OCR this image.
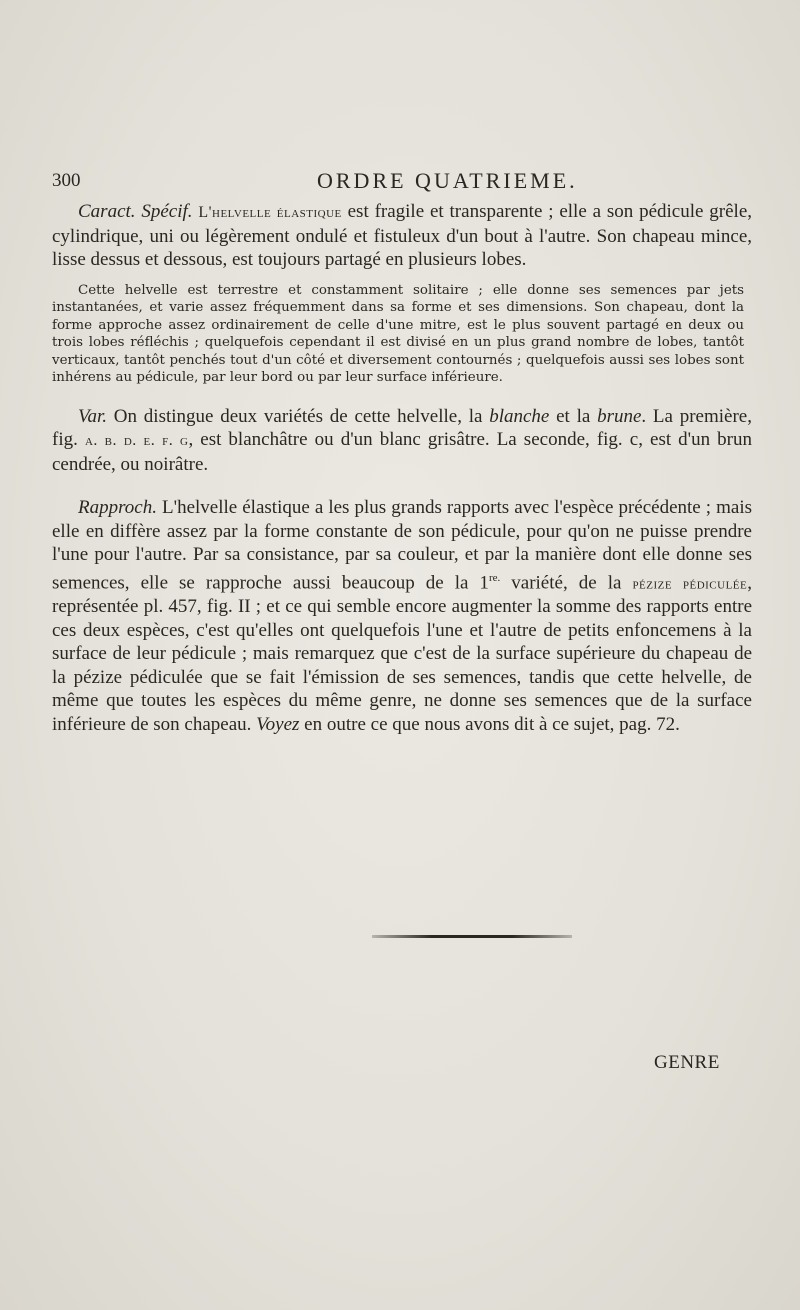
300	ORDRE QUATRIEME.

Caract. Spécif. L'helvelle élastique est fragile et transparente ; elle a son pédicule grêle, cylindrique, uni ou légèrement ondulé et fistuleux d'un bout à l'autre. Son chapeau mince, lisse dessus et dessous, est toujours partagé en plusieurs lobes.

Cette helvelle est terrestre et constamment solitaire ; elle donne ses semences par jets instantanées, et varie assez fréquemment dans sa forme et ses dimensions. Son chapeau, dont la forme approche assez ordinairement de celle d'une mitre, est le plus souvent partagé en deux ou trois lobes réfléchis ; quelquefois cependant il est divisé en un plus grand nombre de lobes, tantôt verticaux, tantôt penchés tout d'un côté et diversement contournés ; quelquefois aussi ses lobes sont inhérens au pédicule, par leur bord ou par leur surface inférieure.

Var. On distingue deux variétés de cette helvelle, la blanche et la brune. La première, fig. a. b. d. e. f. g, est blanchâtre ou d'un blanc grisâtre. La seconde, fig. c, est d'un brun cendrée, ou noirâtre.

Rapproch. L'helvelle élastique a les plus grands rapports avec l'espèce précédente ; mais elle en diffère assez par la forme constante de son pédicule, pour qu'on ne puisse prendre l'une pour l'autre. Par sa consistance, par sa couleur, et par la manière dont elle donne ses semences, elle se rapproche aussi beaucoup de la $1^{re.}$ variété, de la pézize pédiculée, représentée pl. 457, fig. II ; et ce qui semble encore augmenter la somme des rapports entre ces deux espèces, c'est qu'elles ont quelquefois l'une et l'autre de petits enfoncemens à la surface de leur pédicule ; mais remarquez que c'est de la surface supérieure du chapeau de la pézize pédiculée que se fait l'émission de ses semences, tandis que cette helvelle, de même que toutes les espèces du même genre, ne donne ses semences que de la surface inférieure de son chapeau. Voyez en outre ce que nous avons dit à ce sujet, pag. 72.

GENRE
